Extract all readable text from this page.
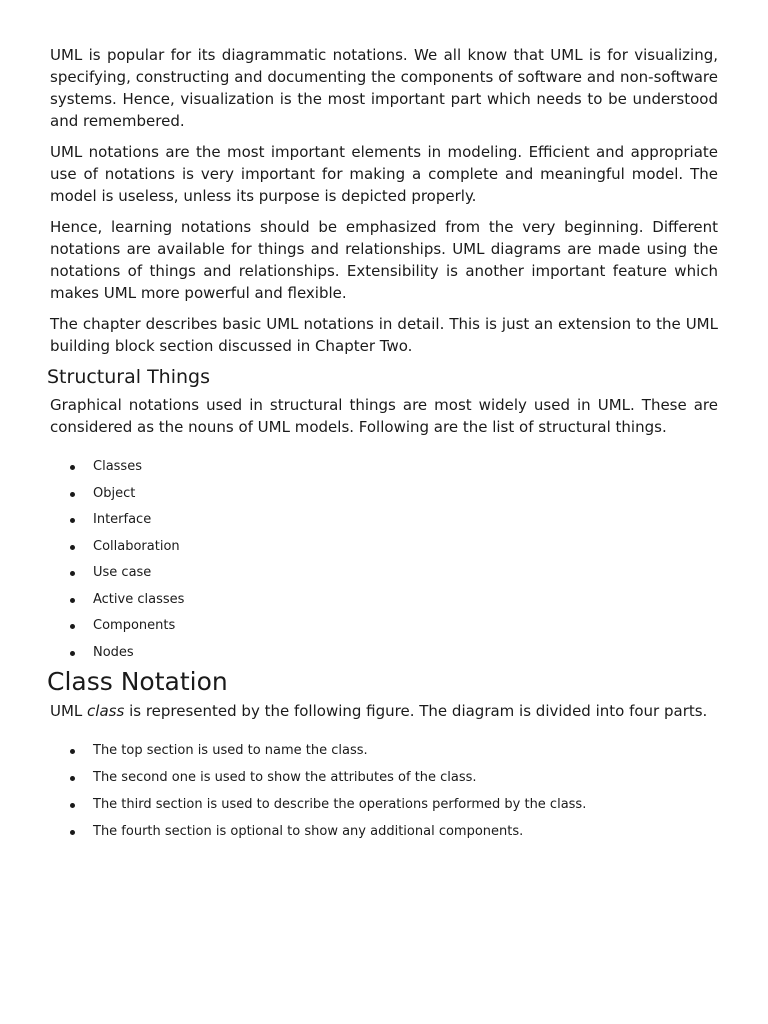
UML is popular for its diagrammatic notations. We all know that UML is for visualizing, specifying, constructing and documenting the components of software and non-software systems. Hence, visualization is the most important part which needs to be understood and remembered.

UML notations are the most important elements in modeling. Efficient and appropriate use of notations is very important for making a complete and meaningful model. The model is useless, unless its purpose is depicted properly.

Hence, learning notations should be emphasized from the very beginning. Different notations are available for things and relationships. UML diagrams are made using the notations of things and relationships. Extensibility is another important feature which makes UML more powerful and flexible.

The chapter describes basic UML notations in detail. This is just an extension to the UML building block section discussed in Chapter Two.

Structural Things

Graphical notations used in structural things are most widely used in UML. These are considered as the nouns of UML models. Following are the list of structural things.

Classes
Object
Interface
Collaboration
Use case
Active classes
Components
Nodes
Class Notation

UML class is represented by the following figure. The diagram is divided into four parts.

The top section is used to name the class.
The second one is used to show the attributes of the class.
The third section is used to describe the operations performed by the class.
The fourth section is optional to show any additional components.
